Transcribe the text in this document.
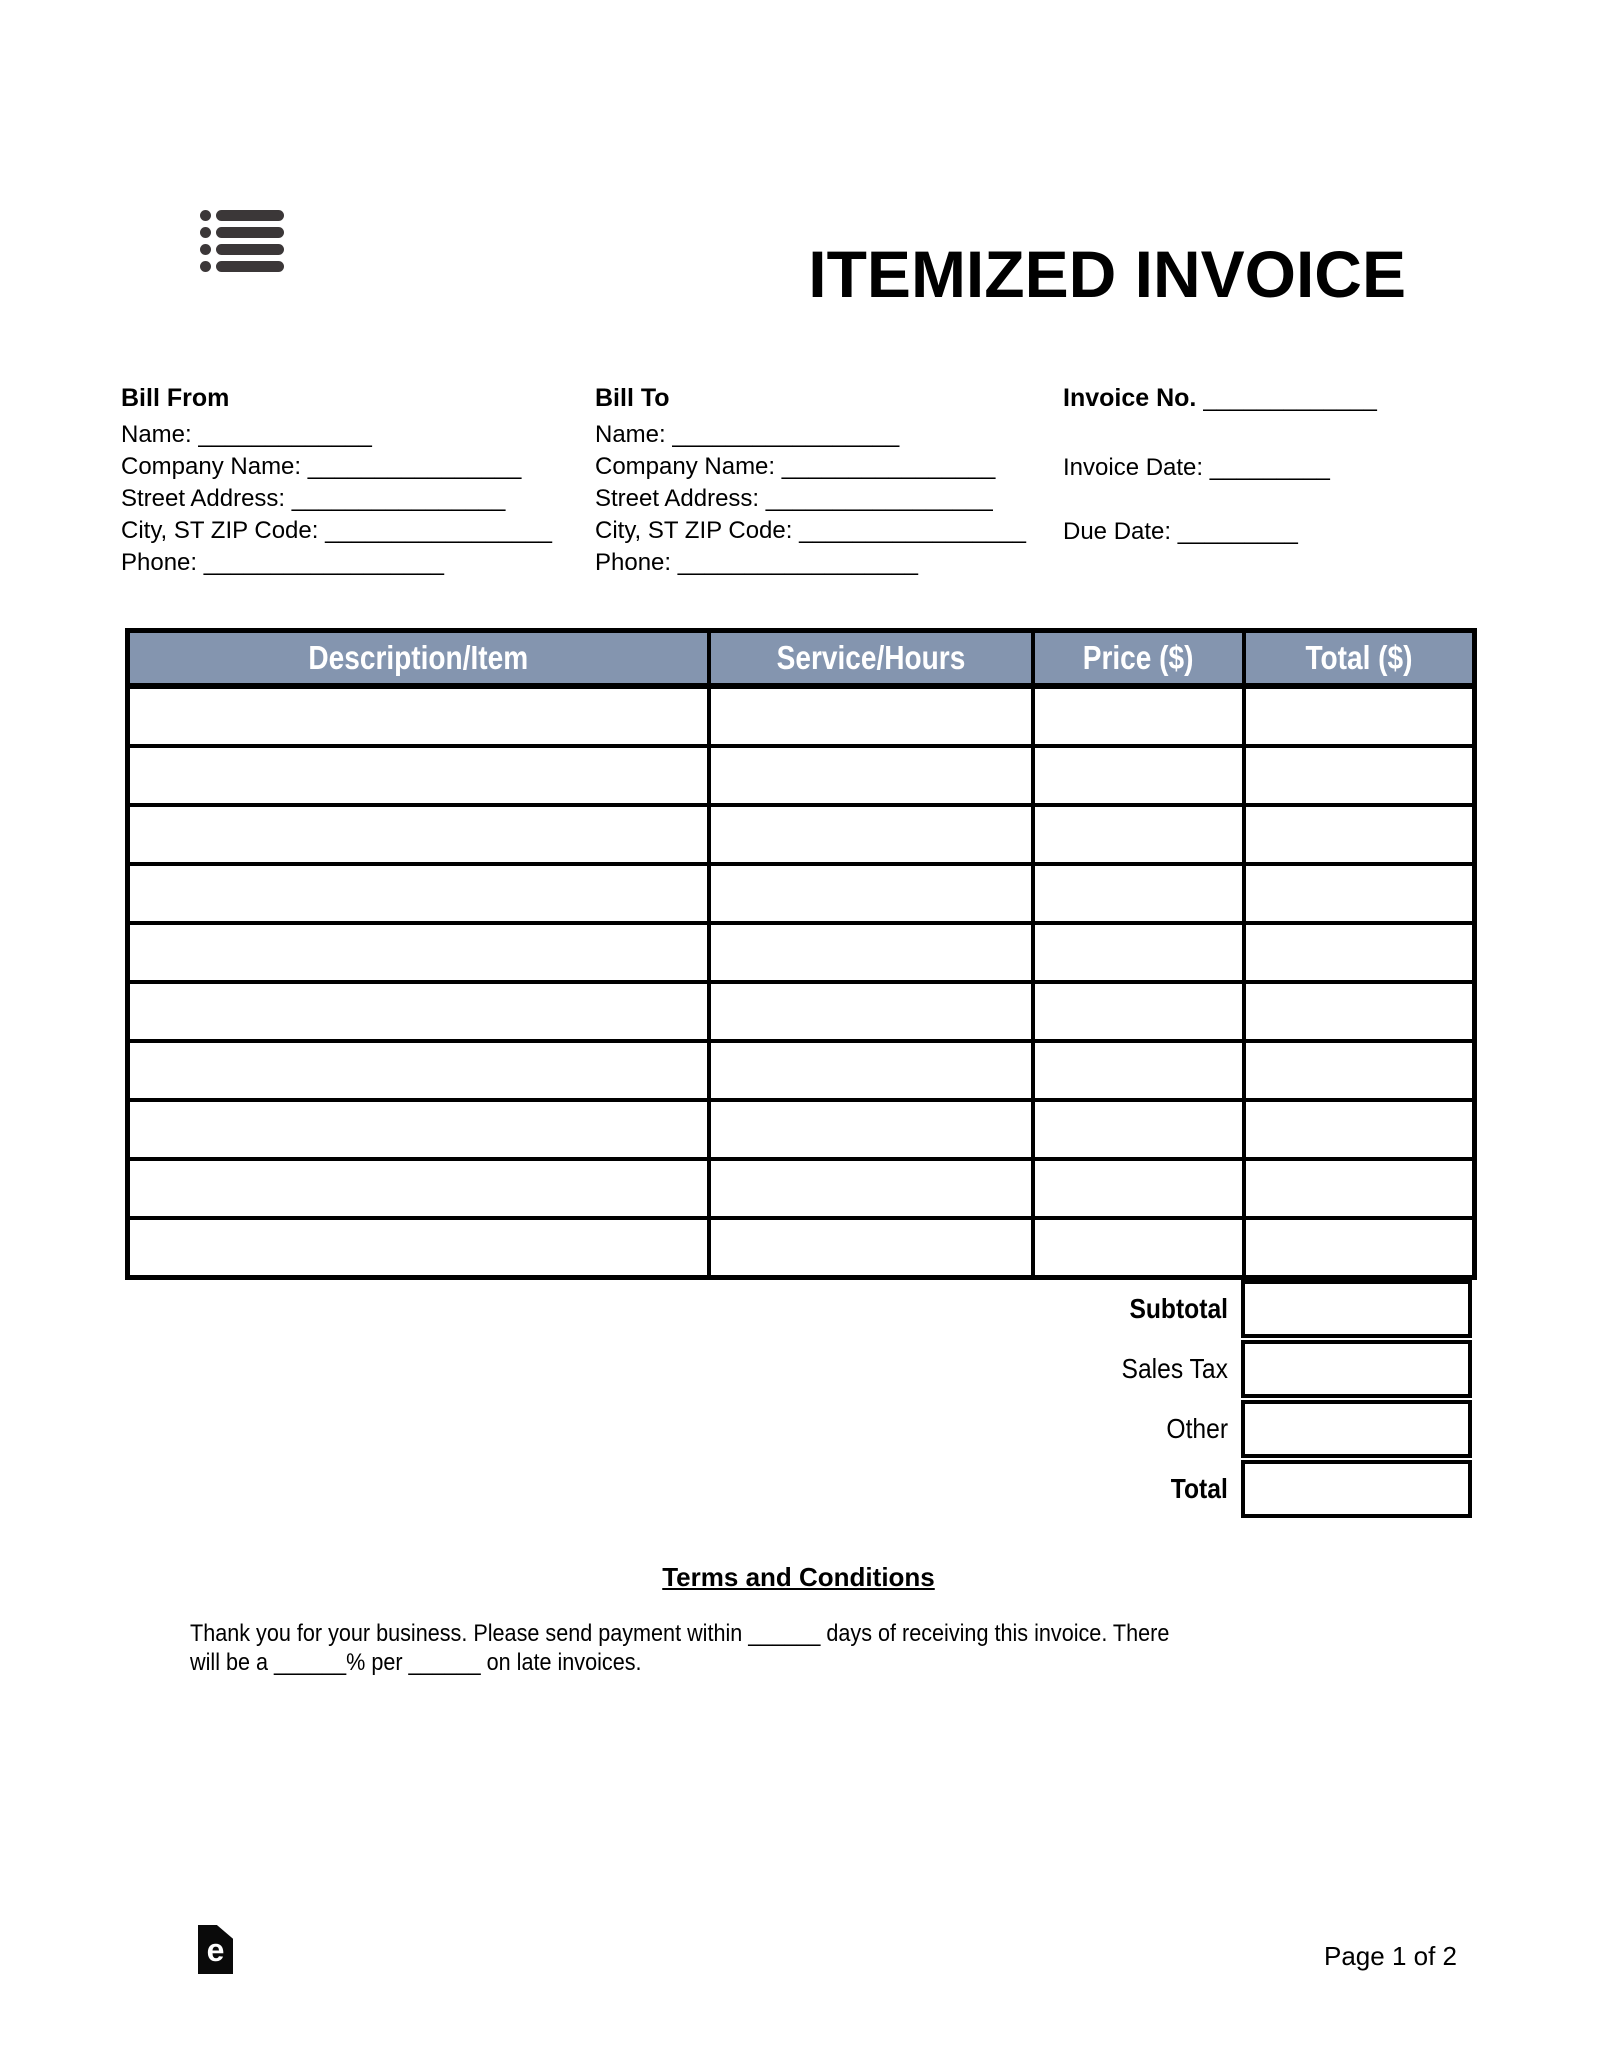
ITEMIZED INVOICE
Bill From
Name: _____________
Company Name: ________________
Street Address: ________________
City, ST ZIP Code: _________________
Phone: __________________
Bill To
Name: _________________
Company Name: ________________
Street Address: _________________
City, ST ZIP Code: _________________
Phone: __________________
Invoice No. _____________
Invoice Date: _________
Due Date: _________
Description/Item	Service/Hours	Price ($)	Total ($)

Subtotal
Sales Tax
Other
Total
Terms and Conditions
Thank you for your business. Please send payment within ______ days of receiving this invoice. There
will be a ______% per ______ on late invoices.
e	Page 1 of 2
